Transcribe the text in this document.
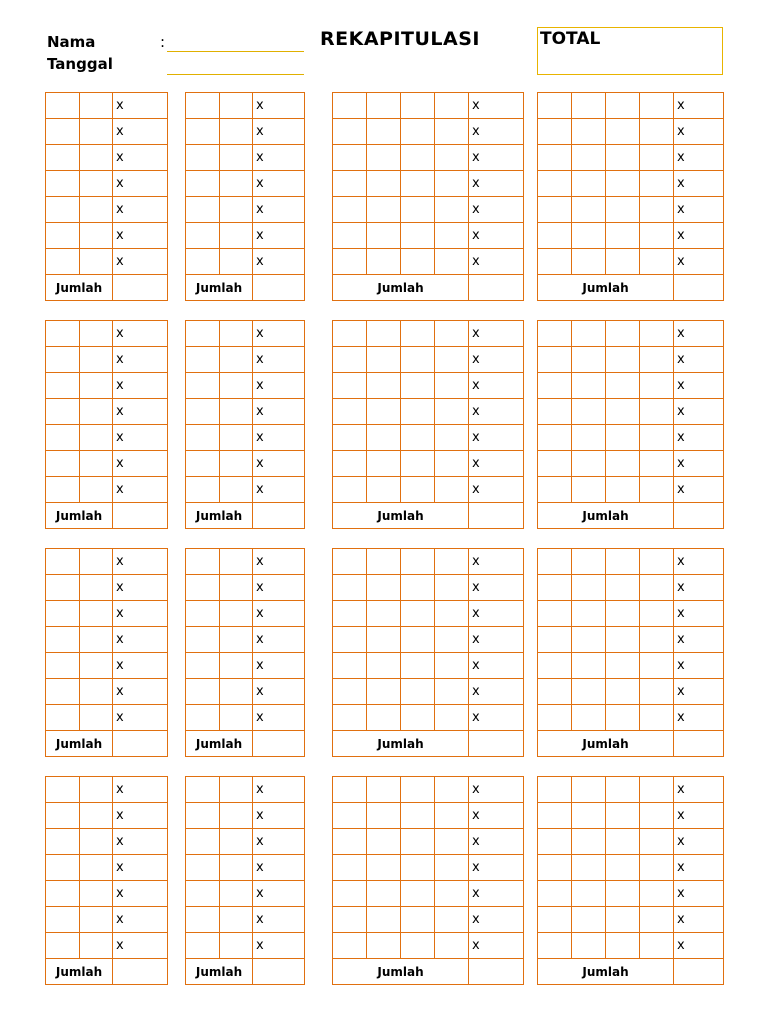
Nama	:
Tanggal
REKAPITULASI	TOTAL
		x
		x
		x
		x
		x
		x
		x
Jumlah		
		x
		x
		x
		x
		x
		x
		x
Jumlah		
		x
		x
		x
		x
		x
		x
		x
Jumlah		
		x
		x
		x
		x
		x
		x
		x
Jumlah		
		x
		x
		x
		x
		x
		x
		x
Jumlah		
		x
		x
		x
		x
		x
		x
		x
Jumlah		
		x
		x
		x
		x
		x
		x
		x
Jumlah		
		x
		x
		x
		x
		x
		x
		x
Jumlah		
				x
				x
				x
				x
				x
				x
				x
Jumlah				
				x
				x
				x
				x
				x
				x
				x
Jumlah				
				x
				x
				x
				x
				x
				x
				x
Jumlah				
				x
				x
				x
				x
				x
				x
				x
Jumlah				
				x
				x
				x
				x
				x
				x
				x
Jumlah				
				x
				x
				x
				x
				x
				x
				x
Jumlah				
				x
				x
				x
				x
				x
				x
				x
Jumlah				
				x
				x
				x
				x
				x
				x
				x
Jumlah				
